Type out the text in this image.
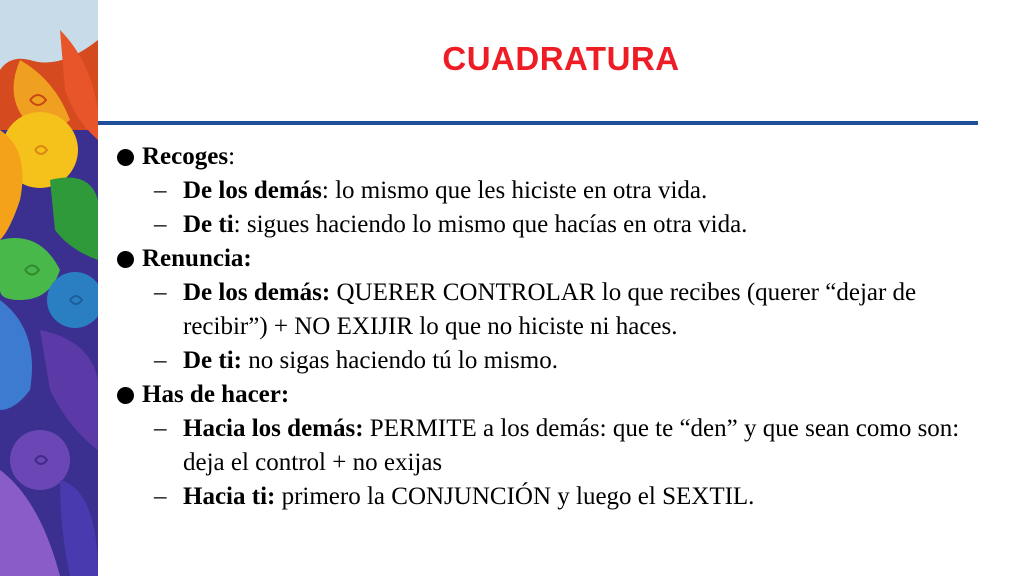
CUADRATURA
Recoges:
– De los demás: lo mismo que les hiciste en otra vida.
– De ti: sigues haciendo lo mismo que hacías en otra vida.
Renuncia:
– De los demás: QUERER CONTROLAR lo que recibes (querer “dejar de recibir”) + NO EXIJIR lo que no hiciste ni haces.
– De ti: no sigas haciendo tú lo mismo.
Has de hacer:
– Hacia los demás: PERMITE a los demás: que te “den” y que sean como son: deja el control + no exijas
– Hacia ti: primero la CONJUNCIÓN y luego el SEXTIL.
